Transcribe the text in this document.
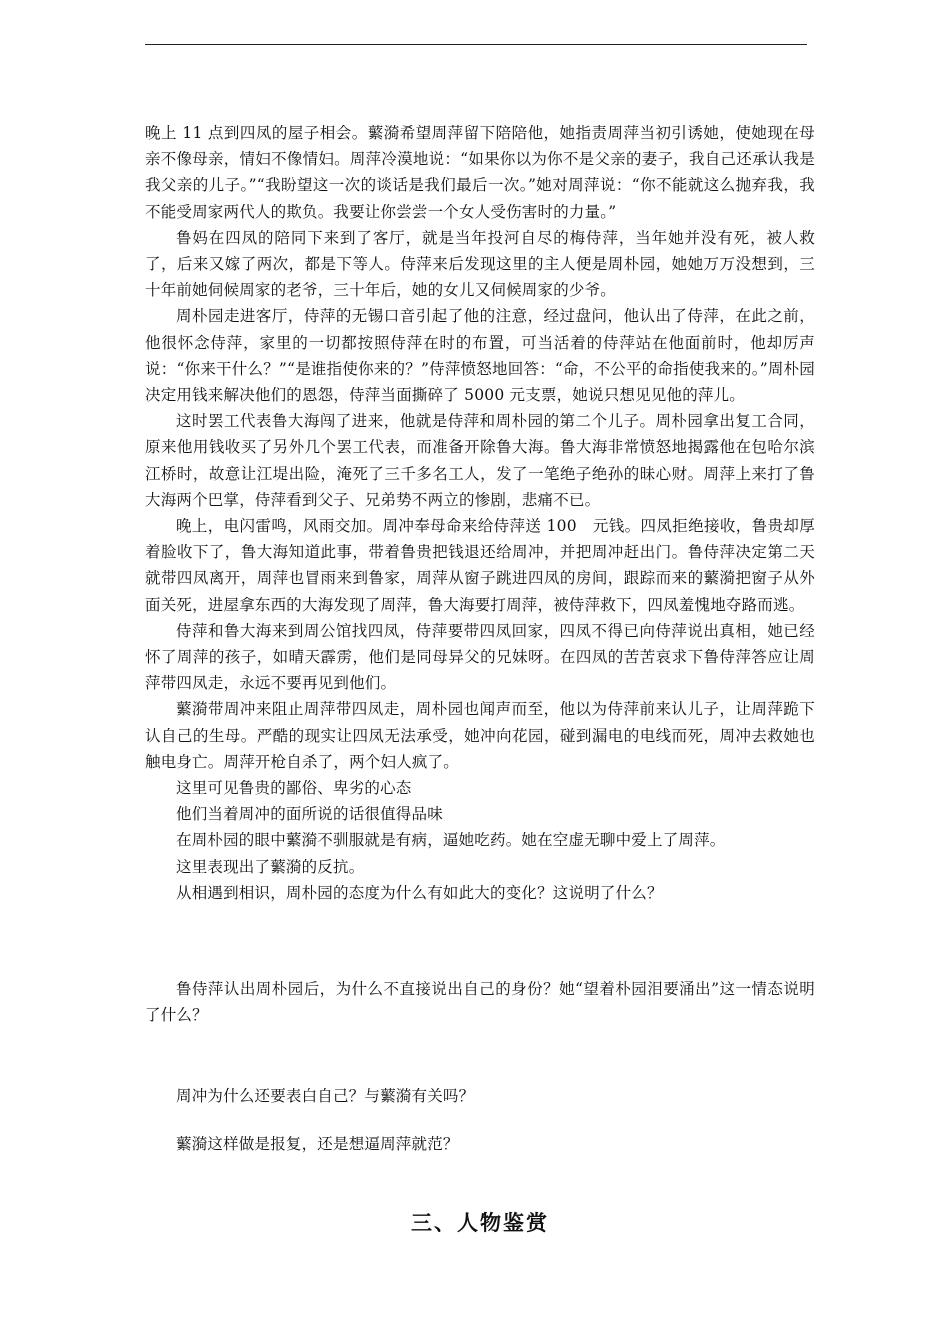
晚上 11 点到四凤的屋子相会。蘩漪希望周萍留下陪陪他，她指责周萍当初引诱她，使她现在母亲不像母亲，情妇不像情妇。周萍冷漠地说：“如果你以为你不是父亲的妻子，我自己还承认我是我父亲的儿子。”“我盼望这一次的谈话是我们最后一次。”她对周萍说：“你不能就这么抛弃我，我不能受周家两代人的欺负。我要让你尝尝一个女人受伤害时的力量。”

鲁妈在四凤的陪同下来到了客厅，就是当年投河自尽的梅侍萍，当年她并没有死，被人救了，后来又嫁了两次，都是下等人。侍萍来后发现这里的主人便是周朴园，她她万万没想到，三十年前她伺候周家的老爷，三十年后，她的女儿又伺候周家的少爷。

周朴园走进客厅，侍萍的无锡口音引起了他的注意，经过盘问，他认出了侍萍，在此之前，他很怀念侍萍，家里的一切都按照侍萍在时的布置，可当活着的侍萍站在他面前时，他却厉声说：“你来干什么？”“是谁指使你来的？”侍萍愤怒地回答：“命，不公平的命指使我来的。”周朴园决定用钱来解决他们的恩怨，侍萍当面撕碎了 5000 元支票，她说只想见见他的萍儿。

这时罢工代表鲁大海闯了进来，他就是侍萍和周朴园的第二个儿子。周朴园拿出复工合同，原来他用钱收买了另外几个罢工代表，而准备开除鲁大海。鲁大海非常愤怒地揭露他在包哈尔滨江桥时，故意让江堤出险，淹死了三千多名工人，发了一笔绝子绝孙的昧心财。周萍上来打了鲁大海两个巴掌，侍萍看到父子、兄弟势不两立的惨剧，悲痛不已。

晚上，电闪雷鸣，风雨交加。周冲奉母命来给侍萍送 100　元钱。四凤拒绝接收，鲁贵却厚着脸收下了，鲁大海知道此事，带着鲁贵把钱退还给周冲，并把周冲赶出门。鲁侍萍决定第二天就带四凤离开，周萍也冒雨来到鲁家，周萍从窗子跳进四凤的房间，跟踪而来的蘩漪把窗子从外面关死，进屋拿东西的大海发现了周萍，鲁大海要打周萍，被侍萍救下，四凤羞愧地夺路而逃。

侍萍和鲁大海来到周公馆找四凤，侍萍要带四凤回家，四凤不得已向侍萍说出真相，她已经怀了周萍的孩子，如晴天霹雳，他们是同母异父的兄妹呀。在四凤的苦苦哀求下鲁侍萍答应让周萍带四凤走，永远不要再见到他们。

蘩漪带周冲来阻止周萍带四凤走，周朴园也闻声而至，他以为侍萍前来认儿子，让周萍跪下认自己的生母。严酷的现实让四凤无法承受，她冲向花园，碰到漏电的电线而死，周冲去救她也触电身亡。周萍开枪自杀了，两个妇人疯了。

这里可见鲁贵的鄙俗、卑劣的心态

他们当着周冲的面所说的话很值得品味

在周朴园的眼中蘩漪不驯服就是有病，逼她吃药。她在空虚无聊中爱上了周萍。

这里表现出了蘩漪的反抗。

从相遇到相识，周朴园的态度为什么有如此大的变化？这说明了什么？

鲁侍萍认出周朴园后，为什么不直接说出自己的身份？她“望着朴园泪要涌出”这一情态说明了什么？

周冲为什么还要表白自己？与蘩漪有关吗？

蘩漪这样做是报复，还是想逼周萍就范？

三、人物鉴赏
